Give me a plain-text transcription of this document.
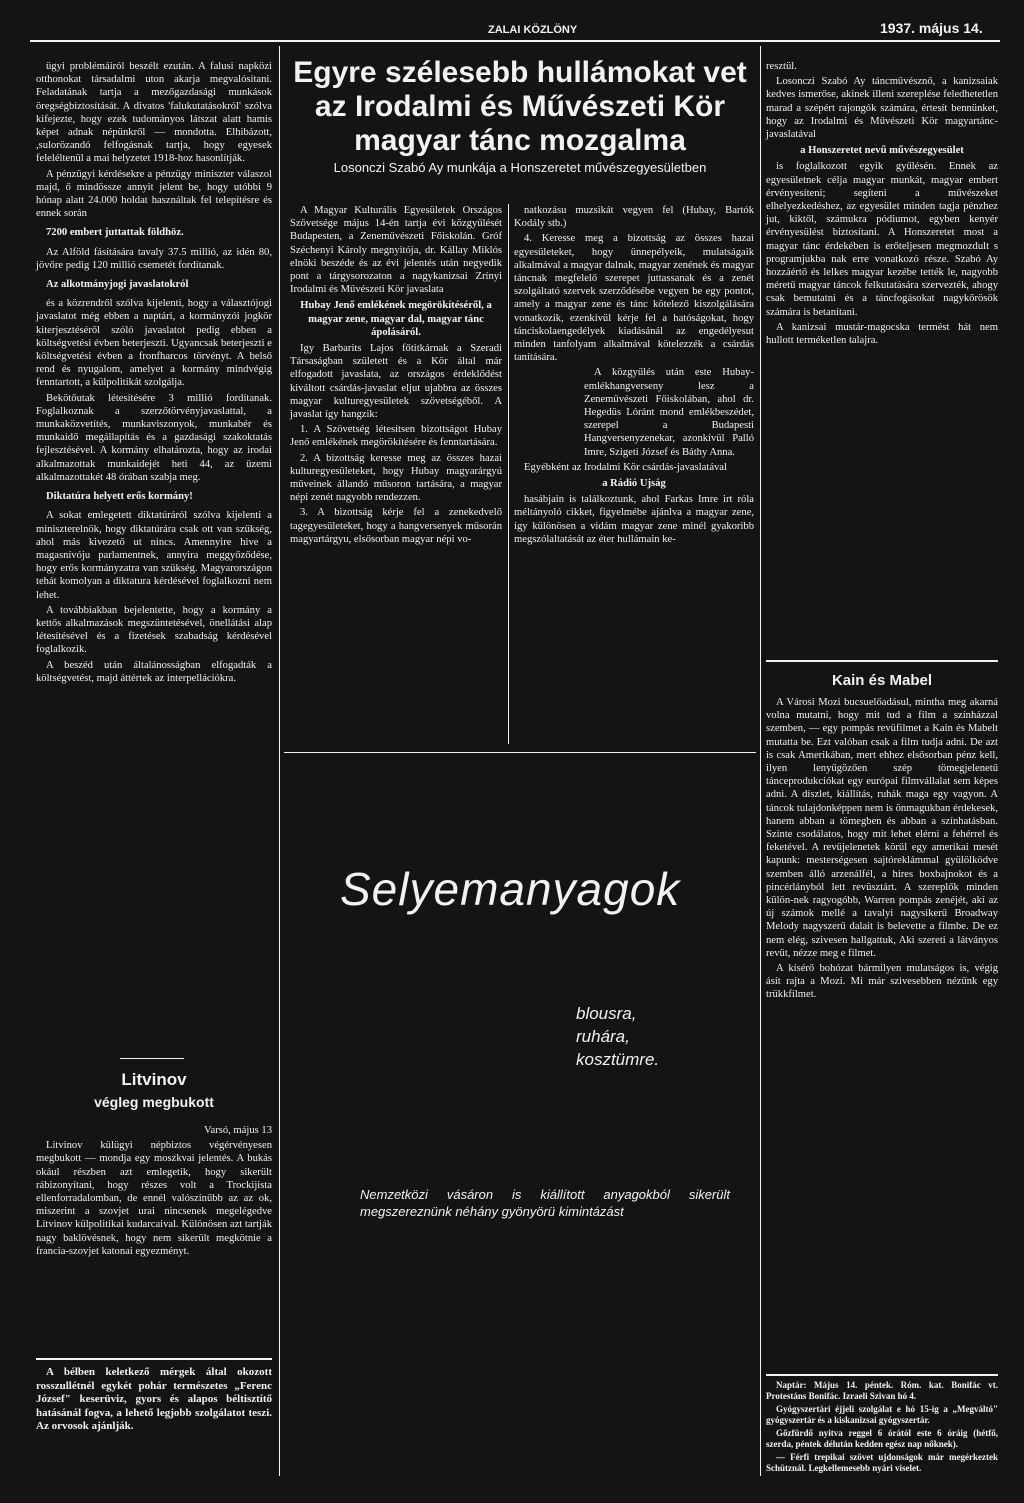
ZALAI KÖZLÖNY	1937. május 14.

ügyi problémáiról beszélt ezután. A falusi napközi otthonokat társadalmi uton akarja megvalósítani. Feladatának tartja a mezőgazdasági munkások öregségbiztosítását. A divatos 'falukutatásokról' szólva kifejezte, hogy ezek tudományos látszat alatt hamis képet adnak népünkről — mondotta. Elhibázott, ,sulorözandó felfogásnak tartja, hogy egyesek feleléltenül a mai helyzetet 1918-hoz hasonlítják.

A pénzügyi kérdésekre a pénzügy miniszter válaszol majd, ő mindössze annyit jelent be, hogy utóbbi 9 hónap alatt 24.000 holdat használtak fel telepítésre és ennek során

7200 embert juttattak földhöz.

Az Alföld fásítására tavaly 37.5 millió, az idén 80, jövőre pedig 120 millió csemetét fordítanak.

Az alkotmányjogi javaslatokról

és a közrendről szólva kijelenti, hogy a választójogi javaslatot még ebben a naptári, a kormányzói jogkör kiterjesztéséről szóló javaslatot pedig ebben a költségvetési évben beterjeszti. Ugyancsak beterjeszti e költségvetési évben a fronfharcos törvényt. A belső rend és nyugalom, amelyet a kormány mindvégig fenntartott, a külpolitikát szolgálja.

Bekötőutak létesítésére 3 millió fordítanak. Foglalkoznak a szerzőtörvényjavaslattal, a munkaközvetítés, munkaviszonyok, munkabér és munkaidő megállapítás és a gazdasági szakoktatás fejlesztésével. A kormány elhatározta, hogy az irodai alkalmazottak munkaidejét heti 44, az üzemi alkalmazottakét 48 órában szabja meg.

Diktatúra helyett erős kormány!

A sokat emlegetett diktatúráról szólva kijelenti a miniszterelnök, hogy diktatúrára csak ott van szükség, ahol más kivezető ut nincs. Amennyire hive a magasnívóju parlamentnek, annyira meggyőződése, hogy erős kormányzatra van szükség. Magyarországon tehát komolyan a diktatura kérdésével foglalkozni nem lehet.

A továbbiakban bejelentette, hogy a kormány a kettős alkalmazások megszüntetésével, önellátási alap létesítésével és a fizetések szabadság kérdésével foglalkozik.

A beszéd után általánosságban elfogadták a költségvetést, majd áttértek az interpellációkra.

Litvinov
végleg megbukott

Varsó, május 13

Litvinov külügyi népbiztos végérvényesen megbukott — mondja egy moszkvai jelentés. A bukás okául részben azt emlegetik, hogy sikerült rábizonyítani, hogy részes volt a Trockijista ellenforradalomban, de ennél valószínűbb az az ok, miszerint a szovjet urai nincsenek megelégedve Litvinov külpolitikai kudarcaival. Különösen azt tartják nagy baklövésnek, hogy nem sikerült megkötnie a francia-szovjet katonai egyezményt.

A bélben keletkező mérgek által okozott rosszullétnél egykét pohár természetes „Ferenc József" keserüviz, gyors és alapos béltisztítő hatásánál fogva, a lehető legjobb szolgálatot teszi. Az orvosok ajánlják.

Egyre szélesebb hullámokat vet az Irodalmi és Művészeti Kör magyar tánc mozgalma
Losonczi Szabó Ay munkája a Honszeretet művészegyesületben

A Magyar Kulturális Egyesületek Országos Szövetsége május 14-én tartja évi közgyűlését Budapesten, a Zeneművészeti Főiskolán. Gróf Széchenyi Károly megnyitója, dr. Kállay Miklós elnöki beszéde és az évi jelentés után negyedik pont a tárgysorozaton a nagykanizsai Zrínyi Irodalmi és Művészeti Kör javaslata

Hubay Jenő emlékének megörökítéséről, a magyar zene, magyar dal, magyar tánc ápolásáról.

Igy Barbarits Lajos főtitkárnak a Szeradi Társaságban született és a Kör által már elfogadott javaslata, az országos érdeklődést kiváltott csárdás-javaslat eljut ujabbra az összes magyar kulturegyesületek szövetségéből. A javaslat így hangzik:

1. A Szövetség létesítsen bizottságot Hubay Jenő emlékének megörökítésére és fenntartására.

2. A bizottság keresse meg az összes hazai kulturegyesületeket, hogy Hubay magyarárgyú műveinek állandó műsoron tartására, a magyar népi zenét nagyobb rendezzen.

3. A bizottság kérje fel a zenekedvelő tagegyesületeket, hogy a hangversenyek műsorán magyartárgyu, elsősorban magyar népi vo-

natkozásu muzsikát vegyen fel (Hubay, Bartók Kodály stb.)

4. Keresse meg a bizottság az összes hazai egyesületeket, hogy ünnepélyeik, mulatságaik alkalmával a magyar dalnak, magyar zenének és magyar táncnak megfelelő szerepet juttassanak és a zenét szolgáltató szervek szerződésébe vegyen be egy pontot, amely a magyar zene és tánc kötelező kiszolgálására vonatkozik, ezenkívül kérje fel a hatóságokat, hogy tánciskolaengedélyek kiadásánál az engedélyesut minden tanfolyam alkalmával kötelezzék a csárdás tanítására.

A közgyűlés után este Hubay-emlékhangverseny lesz a Zeneművészeti Főiskolában, ahol dr. Hegedüs Lóránt mond emlékbeszédet, szerepel a Budapesti Hangversenyzenekar, azonkívül Palló Imre, Szigeti József és Báthy Anna.

Egyébként az Irodalmi Kör csárdás-javaslatával

a Rádió Ujság

hasábjain is találkoztunk, ahol Farkas Imre irt róla méltányoló cikket, figyelmébe ajánlva a magyar zene, így különösen a vidám magyar zene minél gyakoribb megszólaltatását az éter hullámain ke-

Selyemanyagok
blousra,
ruhára,
kosztümre.
Nemzetközi vásáron is kiállított anyagokból sikerült megszereznünk néhány gyönyörü kimintázást

resztül.

Losonczi Szabó Ay táncművésznő, a kanizsaiak kedves ismerőse, akinek illeni szereplése feledhetetlen marad a szépért rajongók számára, értesít bennünket, hogy az Irodalmi és Művészeti Kör magyartánc-javaslatával

a Honszeretet nevű művészegyesület

is foglalkozott egyik gyűlésén. Ennek az egyesületnek célja magyar munkát, magyar embert érvényesíteni; segíteni a művészeket elhelyezkedéshez, az egyesület minden tagja pénzhez jut, kiktől, számukra pódiumot, egyben kenyér érvényesülést biztosítani. A Honszeretet most a magyar tánc érdekében is erőteljesen megmozdult s programjukba nak erre vonatkozó része. Szabó Ay hozzáértő és lelkes magyar kezébe tették le, nagyobb méretű magyar táncok felkutatására szervezték, ahogy csak bemutatni és a táncfogásokat nagykőrösök számára is betanítani.

A kanizsai mustár-magocska termést hát nem hullott terméketlen talajra.

Kain és Mabel

A Városi Mozi bucsuelőadásul, mintha meg akarná volna mutatni, hogy mit tud a film a színházzal szemben, — egy pompás revüfilmet a Kain és Mabelt mutatta be. Ezt valóban csak a film tudja adni. De azt is csak Amerikában, mert ehhez elsősorban pénz kell, ilyen lenyűgözően szép tömegjelenetű tánceprodukciókat egy európai filmvállalat sem képes adni. A díszlet, kiállítás, ruhák maga egy vagyon. A táncok tulajdonképpen nem is önmagukban érdekesek, hanem abban a tömegben és abban a színhatásban. Szinte csodálatos, hogy mit lehet elérni a fehérrel és feketével. A revüjelenetek körül egy amerikai mesét kapunk: mesterségesen sajtóreklámmal gyülölködve szemben álló arzenálfél, a hires boxbajnokot és a pincérlányból lett revüsztárt. A szereplők minden külön-nek ragyogóbb, Warren pompás zenéjét, akí az új számok mellé a tavalyi nagysikerű Broadway Melody nagyszerű dalait is belevette a filmbe. De ez nem elég, szivesen hallgattuk, Aki szereti a látványos revüt, nézze meg e filmet.

A kísérő bohózat bármilyen mulatságos is, végig ásít rajta a Mozi. Mi már szivesebben nézünk egy trükkfilmet.

Naptár: Május 14. péntek. Róm. kat. Bonifác vt. Protestáns Bonifác. Izraeli Szivan hó 4.

Gyógyszertári éjjeli szolgálat e hó 15-ig a „Megváltó" gyógyszertár és a kiskanizsai gyógyszertár.

Gőzfürdő nyitva reggel 6 órától este 6 óráig (hétfő, szerda, péntek délután kedden egész nap nőknek).

— Férfi trepikai szövet ujdonságok már megérkeztek Schütznál. Legkellemesebb nyári viselet.
